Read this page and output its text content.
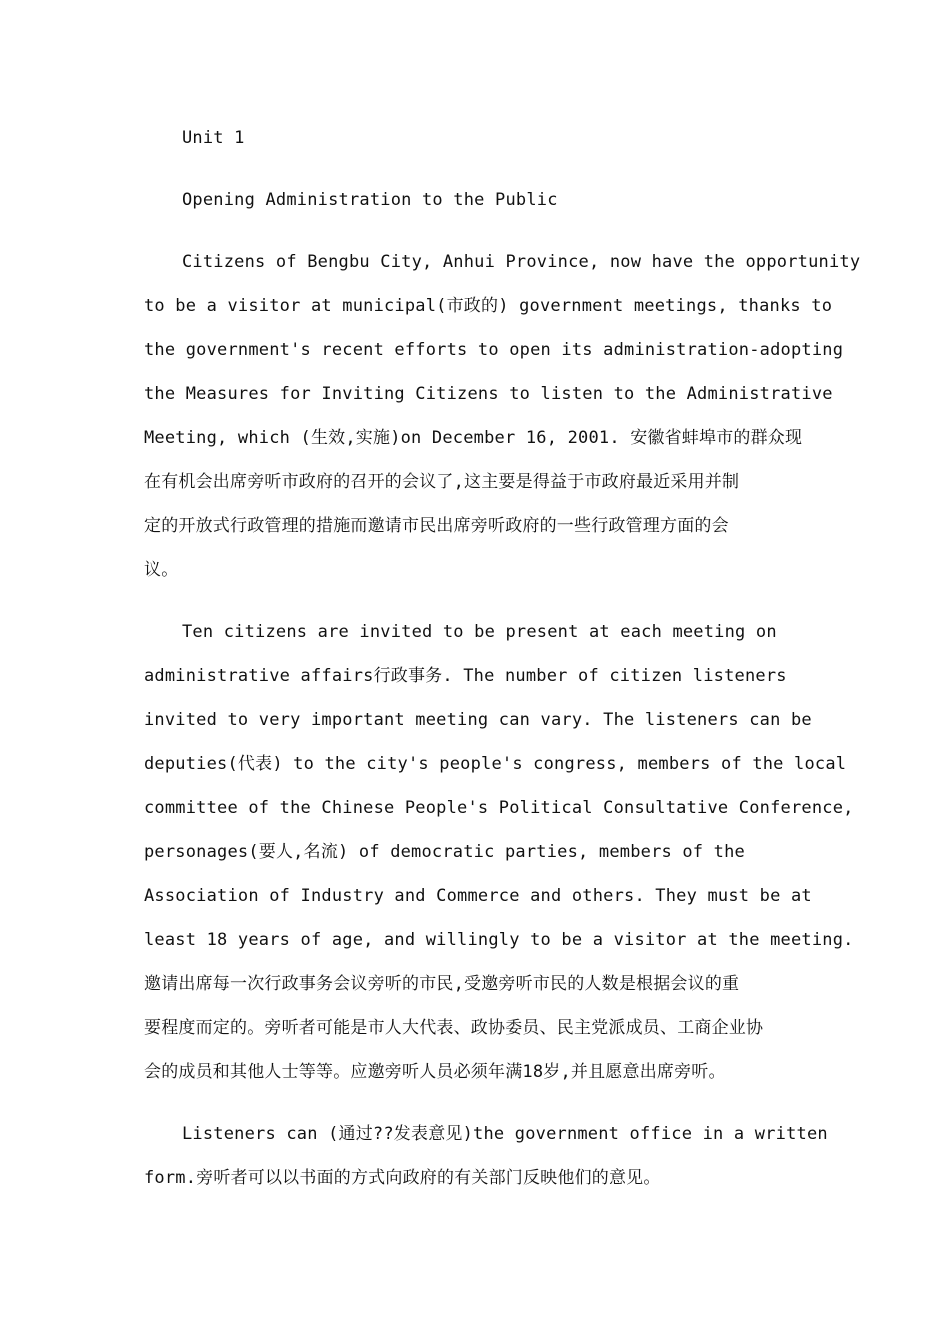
Unit 1
Opening Administration to the Public
Citizens of Bengbu City, Anhui Province, now have the opportunity
to be a visitor at municipal(市政的) government meetings, thanks to
the government's recent efforts to open its administration-adopting
the Measures for Inviting Citizens to listen to the Administrative
Meeting, which (生效,实施)on December 16, 2001. 安徽省蚌埠市的群众现
在有机会出席旁听市政府的召开的会议了,这主要是得益于市政府最近采用并制
定的开放式行政管理的措施而邀请市民出席旁听政府的一些行政管理方面的会
议。
Ten citizens are invited to be present at each meeting on
administrative affairs行政事务. The number of citizen listeners
invited to very important meeting can vary. The listeners can be
deputies(代表) to the city's people's congress, members of the local
committee of the Chinese People's Political Consultative Conference,
personages(要人,名流) of democratic parties, members of the
Association of Industry and Commerce and others. They must be at
least 18 years of age, and willingly to be a visitor at the meeting.
邀请出席每一次行政事务会议旁听的市民,受邀旁听市民的人数是根据会议的重
要程度而定的。旁听者可能是市人大代表、政协委员、民主党派成员、工商企业协
会的成员和其他人士等等。应邀旁听人员必须年满18岁,并且愿意出席旁听。
Listeners can (通过??发表意见)the government office in a written
form.旁听者可以以书面的方式向政府的有关部门反映他们的意见。
